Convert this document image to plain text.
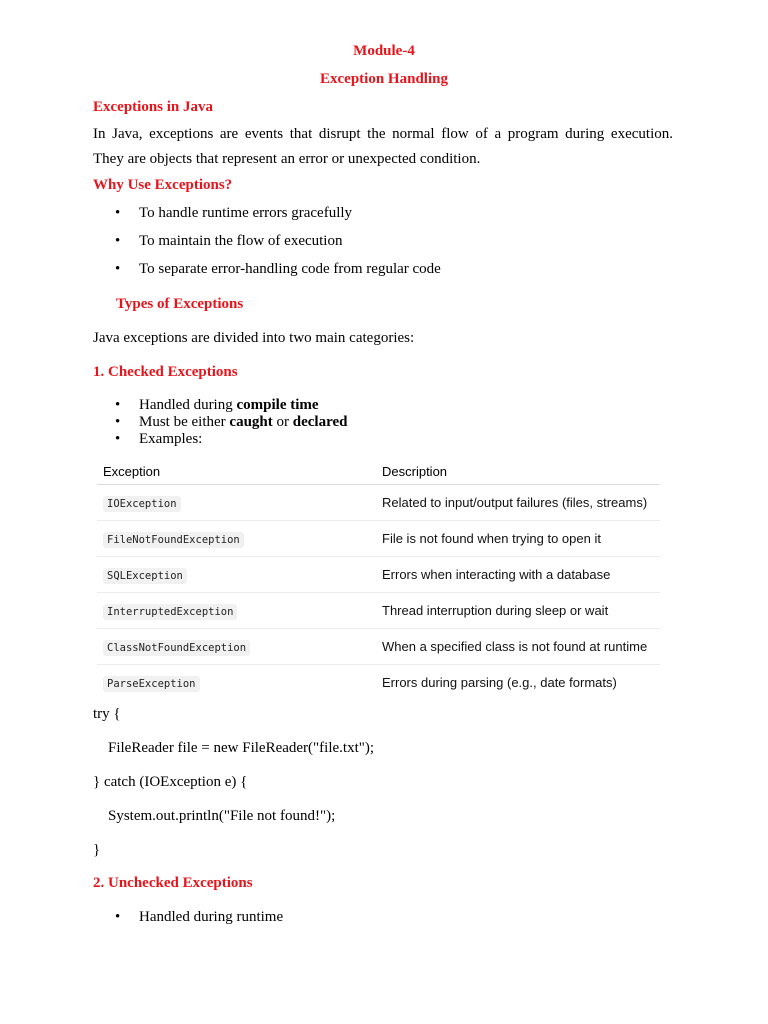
Module-4
Exception Handling
Exceptions in Java
In Java, exceptions are events that disrupt the normal flow of a program during execution.
They are objects that represent an error or unexpected condition.
Why Use Exceptions?
• To handle runtime errors gracefully
• To maintain the flow of execution
• To separate error-handling code from regular code
Types of Exceptions
Java exceptions are divided into two main categories:
1. Checked Exceptions
• Handled during compile time
• Must be either caught or declared
• Examples:
Exception	Description
IOException	Related to input/output failures (files, streams)
FileNotFoundException	File is not found when trying to open it
SQLException	Errors when interacting with a database
InterruptedException	Thread interruption during sleep or wait
ClassNotFoundException	When a specified class is not found at runtime
ParseException	Errors during parsing (e.g., date formats)
try {
FileReader file = new FileReader("file.txt");
} catch (IOException e) {
System.out.println("File not found!");
}
2. Unchecked Exceptions
• Handled during runtime
